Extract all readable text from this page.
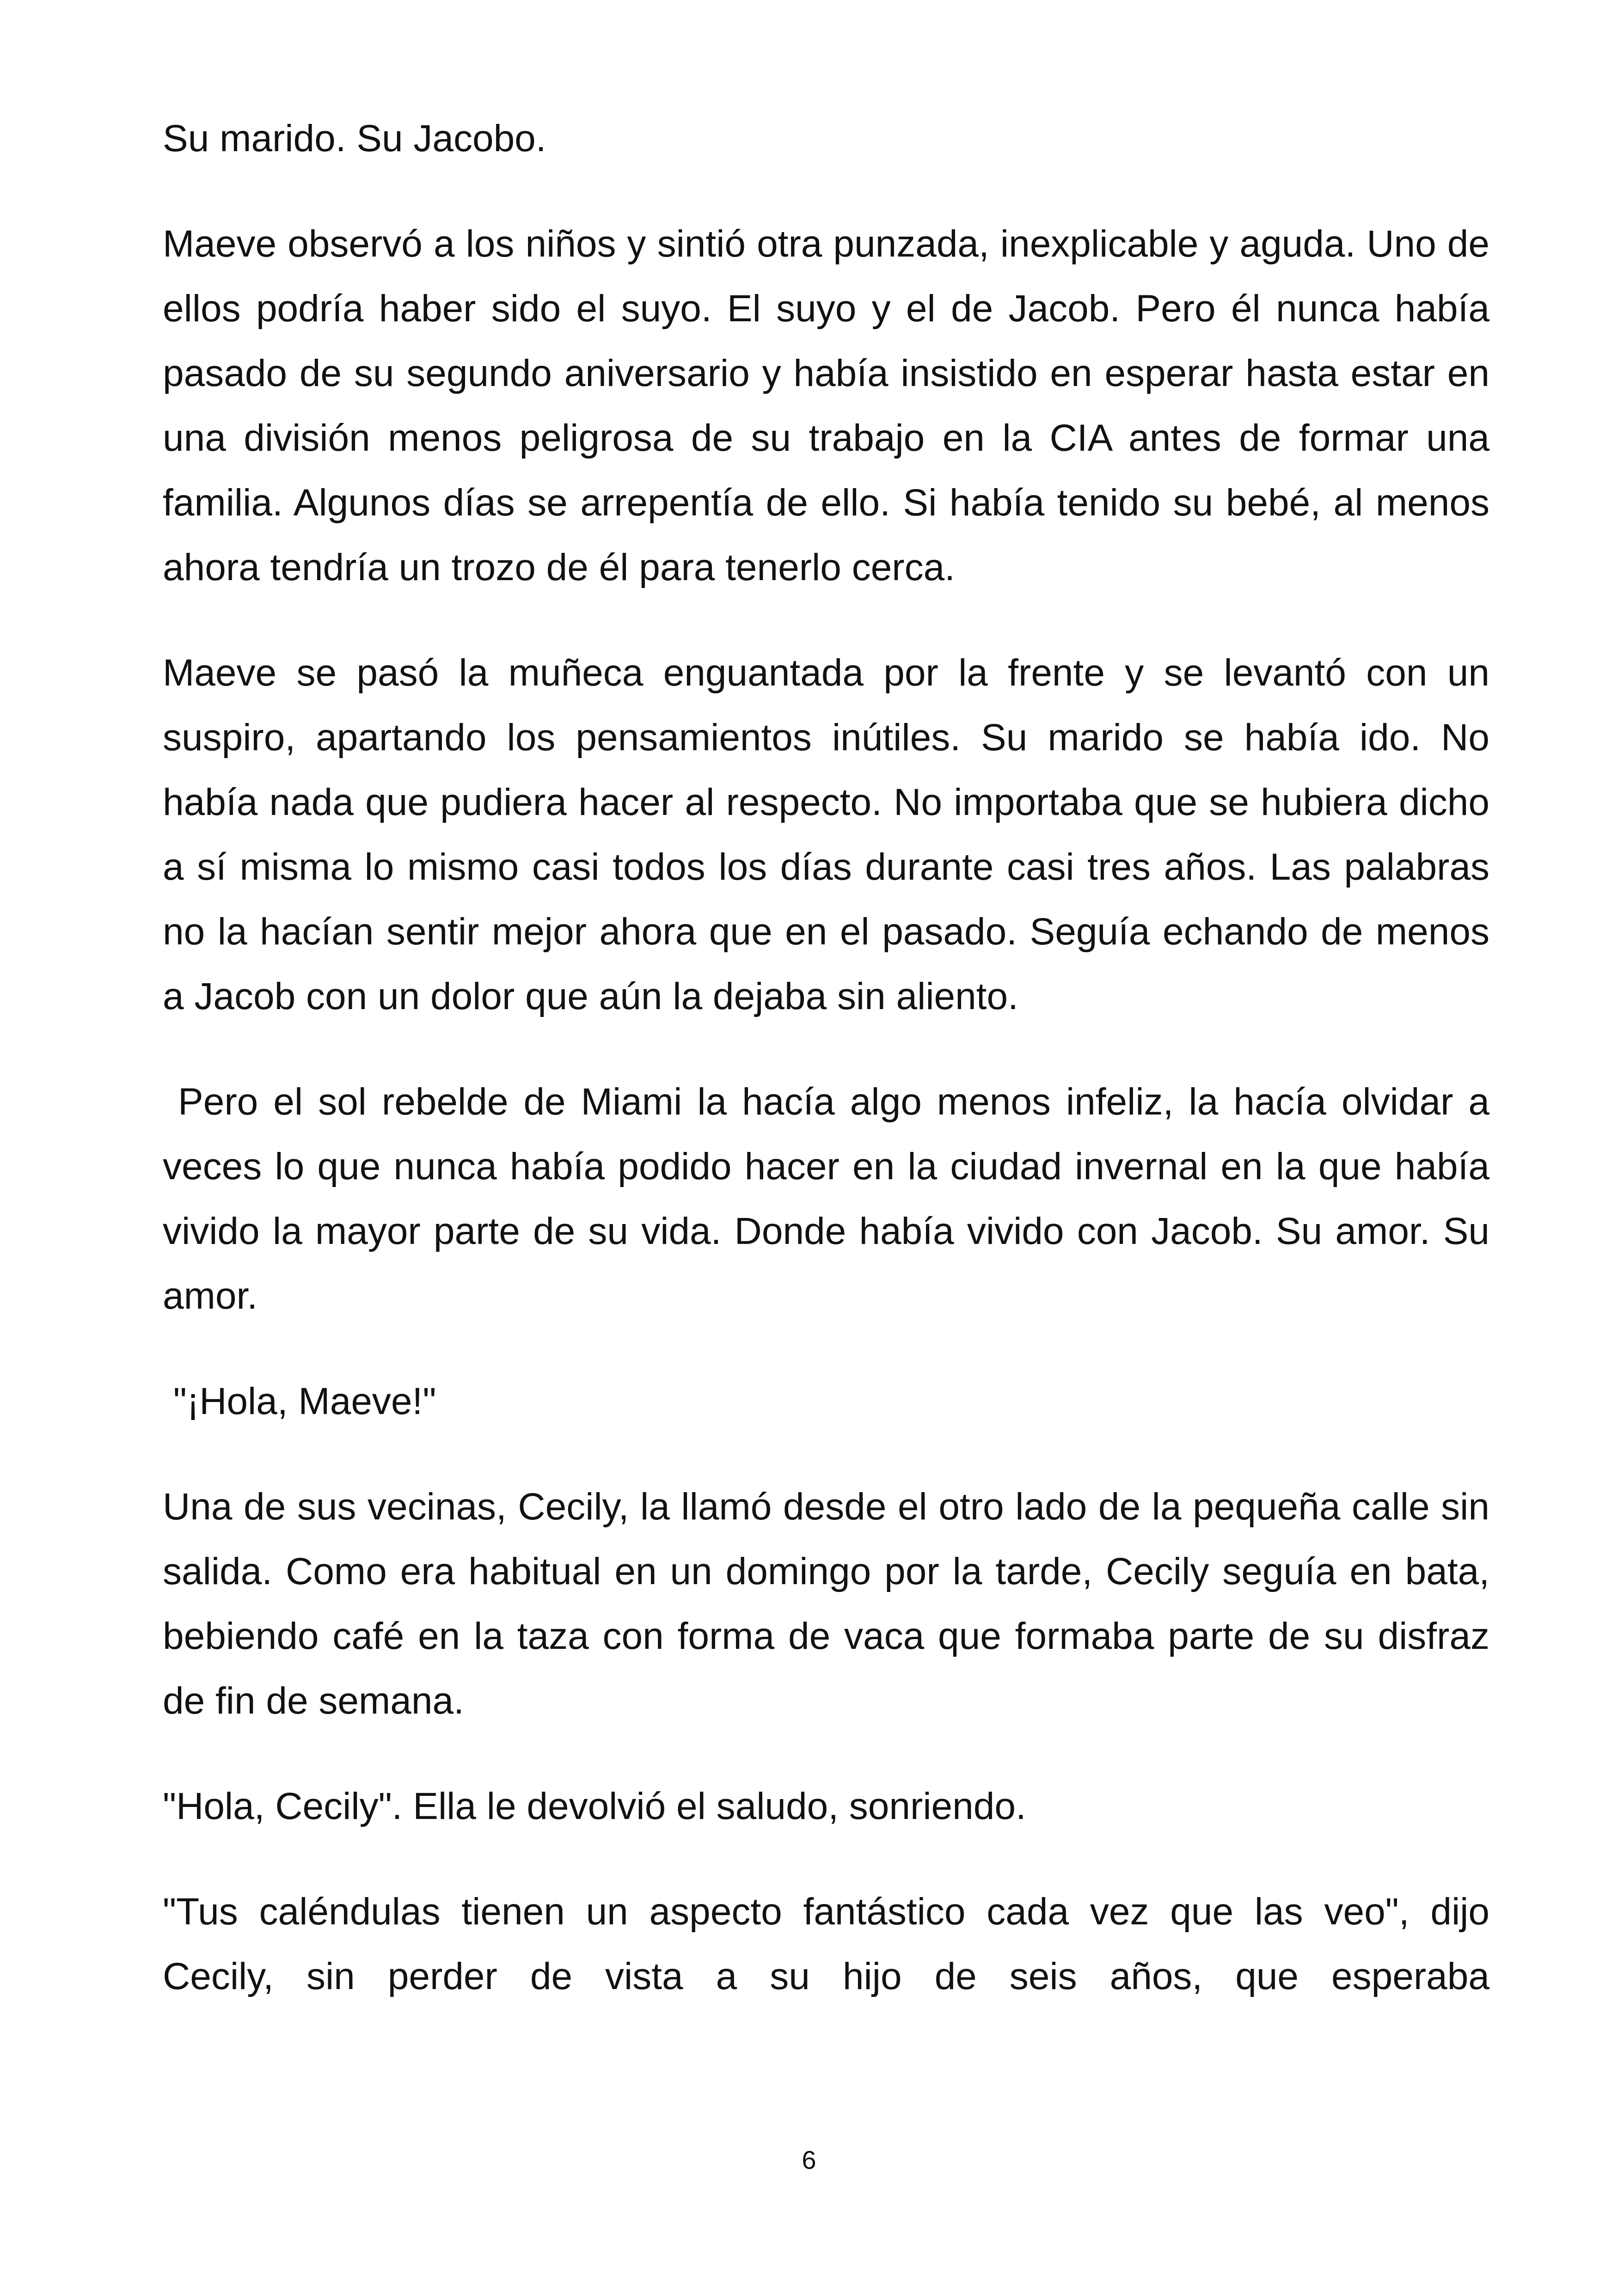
Su marido. Su Jacobo.

Maeve observó a los niños y sintió otra punzada, inexplicable y aguda. Uno de ellos podría haber sido el suyo. El suyo y el de Jacob. Pero él nunca había pasado de su segundo aniversario y había insistido en esperar hasta estar en una división menos peligrosa de su trabajo en la CIA antes de formar una familia. Algunos días se arrepentía de ello. Si había tenido su bebé, al menos ahora tendría un trozo de él para tenerlo cerca.

Maeve se pasó la muñeca enguantada por la frente y se levantó con un suspiro, apartando los pensamientos inútiles. Su marido se había ido. No había nada que pudiera hacer al respecto. No importaba que se hubiera dicho a sí misma lo mismo casi todos los días durante casi tres años. Las palabras no la hacían sentir mejor ahora que en el pasado. Seguía echando de menos a Jacob con un dolor que aún la dejaba sin aliento.

Pero el sol rebelde de Miami la hacía algo menos infeliz, la hacía olvidar a veces lo que nunca había podido hacer en la ciudad invernal en la que había vivido la mayor parte de su vida. Donde había vivido con Jacob. Su amor. Su amor.

"¡Hola, Maeve!"

Una de sus vecinas, Cecily, la llamó desde el otro lado de la pequeña calle sin salida. Como era habitual en un domingo por la tarde, Cecily seguía en bata, bebiendo café en la taza con forma de vaca que formaba parte de su disfraz de fin de semana.

"Hola, Cecily". Ella le devolvió el saludo, sonriendo.

"Tus caléndulas tienen un aspecto fantástico cada vez que las veo", dijo Cecily, sin perder de vista a su hijo de seis años, que esperaba

6
